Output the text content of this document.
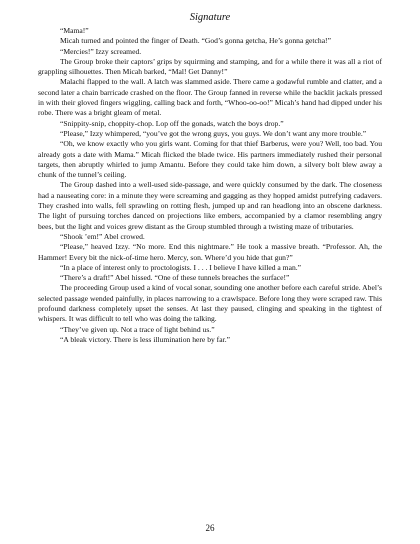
Signature

“Mama!”

Micah turned and pointed the finger of Death. “God’s gonna getcha, He’s gonna getcha!”

“Mercies!” Izzy screamed.

The Group broke their captors’ grips by squirming and stamping, and for a while there it was all a riot of grappling silhouettes. Then Micah barked, “Mal! Get Danny!”

Malachi flapped to the wall. A latch was slammed aside. There came a godawful rumble and clatter, and a second later a chain barricade crashed on the floor. The Group fanned in reverse while the backlit jackals pressed in with their gloved fingers wiggling, calling back and forth, “Whoo-oo-oo!” Micah’s hand had dipped under his robe. There was a bright gleam of metal.

“Snippity-snip, choppity-chop. Lop off the gonads, watch the boys drop.”

“Please,” Izzy whimpered, “you’ve got the wrong guys, you guys. We don’t want any more trouble.”

“Oh, we know exactly who you girls want. Coming for that thief Barberus, were you? Well, too bad. You already gots a date with Mama.” Micah flicked the blade twice. His partners immediately rushed their personal targets, then abruptly whirled to jump Amantu. Before they could take him down, a silvery bolt blew away a chunk of the tunnel’s ceiling.

The Group dashed into a well-used side-passage, and were quickly consumed by the dark. The closeness had a nauseating core: in a minute they were screaming and gagging as they hopped amidst putrefying cadavers. They crashed into walls, fell sprawling on rotting flesh, jumped up and ran headlong into an obscene darkness. The light of pursuing torches danced on projections like embers, accompanied by a clamor resembling angry bees, but the light and voices grew distant as the Group stumbled through a twisting maze of tributaries.

“Shook ’em!” Abel crowed.

“Please,” heaved Izzy. “No more. End this nightmare.” He took a massive breath. “Professor. Ah, the Hammer! Every bit the nick-of-time hero. Mercy, son. Where’d you hide that gun?”

“In a place of interest only to proctologists. I . . . I believe I have killed a man.”

“There’s a draft!” Abel hissed. “One of these tunnels breaches the surface!”

The proceeding Group used a kind of vocal sonar, sounding one another before each careful stride. Abel’s selected passage wended painfully, in places narrowing to a crawlspace. Before long they were scraped raw. This profound darkness completely upset the senses. At last they paused, clinging and speaking in the tightest of whispers. It was difficult to tell who was doing the talking.

“They’ve given up. Not a trace of light behind us.”

“A bleak victory. There is less illumination here by far.”

26
